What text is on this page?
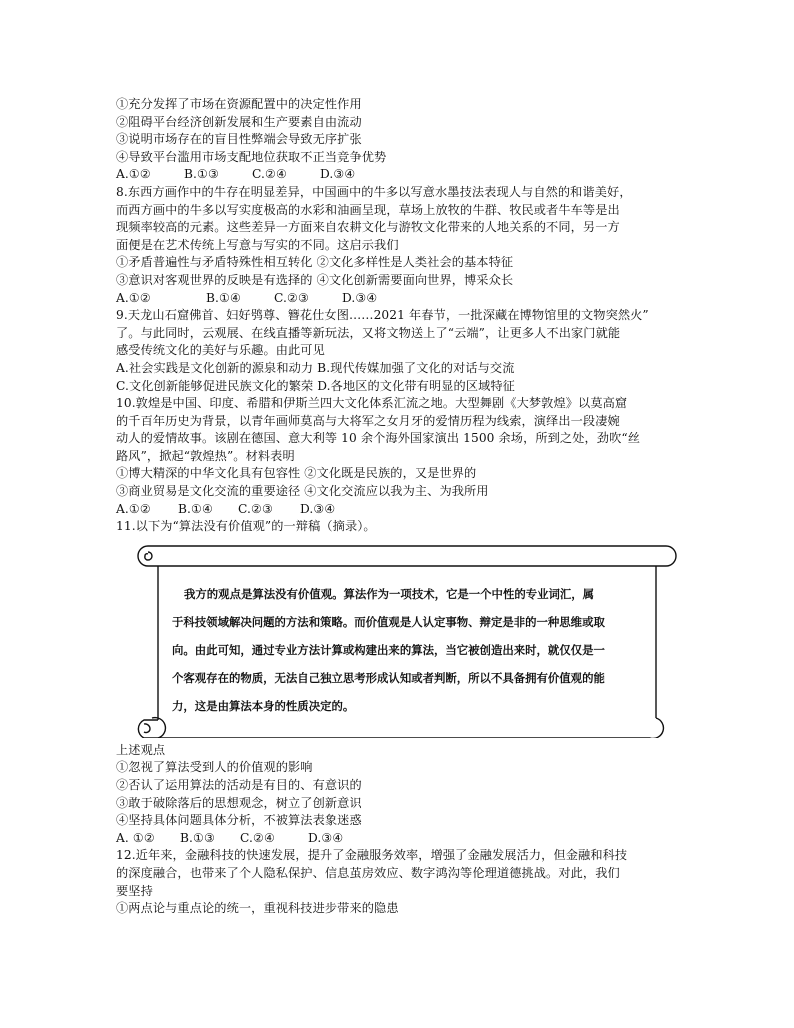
①充分发挥了市场在资源配置中的决定性作用
②阻碍平台经济创新发展和生产要素自由流动
③说明市场存在的盲目性弊端会导致无序扩张
④导致平台滥用市场支配地位获取不正当竞争优势
A.①②	B.①③	C.②④	D.③④
8.东西方画作中的牛存在明显差异，中国画中的牛多以写意水墨技法表现人与自然的和谐美好，
而西方画中的牛多以写实度极高的水彩和油画呈现，草场上放牧的牛群、牧民或者牛车等是出
现频率较高的元素。这些差异一方面来自农耕文化与游牧文化带来的人地关系的不同，另一方
面便是在艺术传统上写意与写实的不同。这启示我们
①矛盾普遍性与矛盾特殊性相互转化 ②文化多样性是人类社会的基本特征
③意识对客观世界的反映是有选择的 ④文化创新需要面向世界，博采众长
A.①②	B.①④	C.②③	D.③④
9.天龙山石窟佛首、妇好鸮尊、簪花仕女图……2021 年春节，一批深藏在博物馆里的文物突然火”
了。与此同时，云观展、在线直播等新玩法，又将文物送上了“云端”，让更多人不出家门就能
感受传统文化的美好与乐趣。由此可见
A.社会实践是文化创新的源泉和动力 B.现代传媒加强了文化的对话与交流
C.文化创新能够促进民族文化的繁荣 D.各地区的文化带有明显的区域特征
10.敦煌是中国、印度、希腊和伊斯兰四大文化体系汇流之地。大型舞剧《大梦敦煌》以莫高窟
的千百年历史为背景，以青年画师莫高与大将军之女月牙的爱情历程为线索，演绎出一段凄婉
动人的爱情故事。该剧在德国、意大利等 10 余个海外国家演出 1500 余场，所到之处，劲吹“丝
路风”，掀起“敦煌热”。材料表明
①博大精深的中华文化具有包容性 ②文化既是民族的，又是世界的
③商业贸易是文化交流的重要途径 ④文化交流应以我为主、为我所用
A.①②	B.①④	C.②③	D.③④
11.以下为“算法没有价值观”的一辩稿（摘录）。
我方的观点是算法没有价值观。算法作为一项技术，它是一个中性的专业词汇，属
于科技领域解决问题的方法和策略。而价值观是人认定事物、辩定是非的一种思维或取
向。由此可知，通过专业方法计算或构建出来的算法，当它被创造出来时，就仅仅是一
个客观存在的物质，无法自己独立思考形成认知或者判断，所以不具备拥有价值观的能
力，这是由算法本身的性质决定的。
上述观点
①忽视了算法受到人的价值观的影响
②否认了运用算法的活动是有目的、有意识的
③敢于破除落后的思想观念，树立了创新意识
④坚持具体问题具体分析，不被算法表象迷惑
A. ①②	B.①③	C.②④	D.③④
12.近年来，金融科技的快速发展，提升了金融服务效率，增强了金融发展活力，但金融和科技
的深度融合，也带来了个人隐私保护、信息茧房效应、数字鸿沟等伦理道德挑战。对此，我们
要坚持
①两点论与重点论的统一，重视科技进步带来的隐患
